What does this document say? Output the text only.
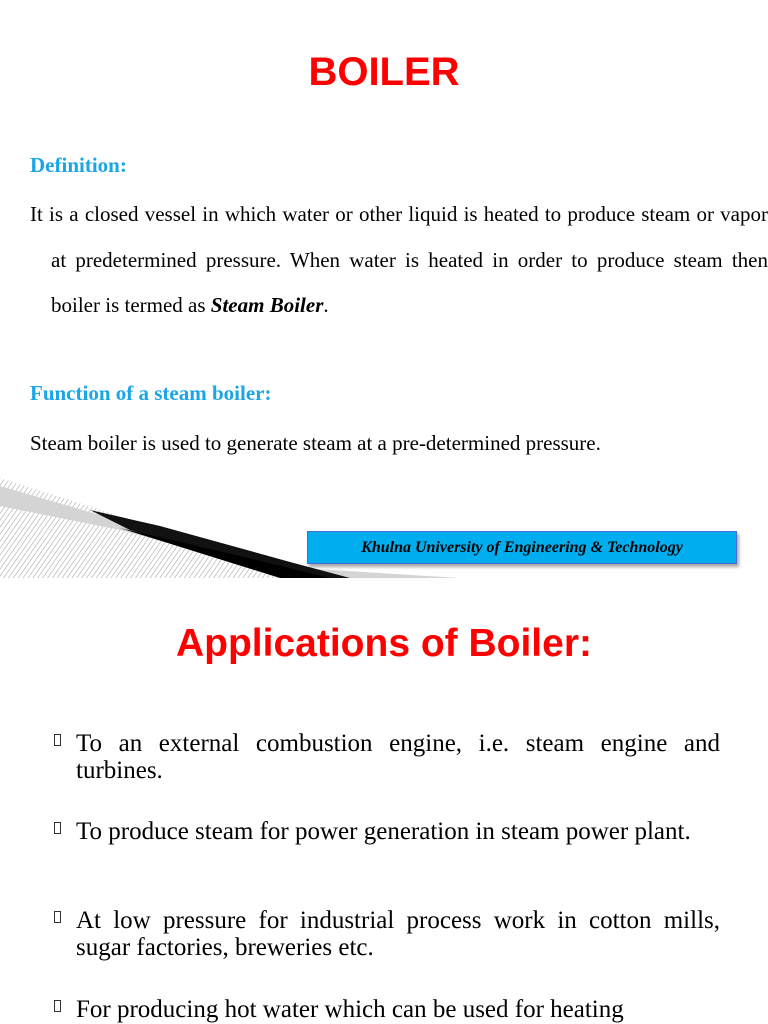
BOILER
Definition:
It is a closed vessel in which water or other liquid is heated to produce steam or vapor at predetermined pressure. When water is heated in order to produce steam then boiler is termed as Steam Boiler.
Function of a steam boiler:
Steam boiler is used to generate steam at a pre-determined pressure.
Khulna University of Engineering & Technology
Applications of Boiler:
To an external combustion engine, i.e. steam engine and turbines.
To produce steam for power generation in steam power plant.
At low pressure for industrial process work in cotton mills, sugar factories, breweries etc.
For producing hot water which can be used for heating
